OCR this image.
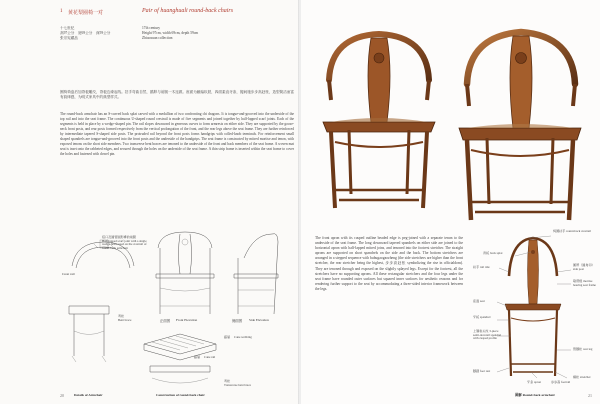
1 黄花梨圈椅一对	Pair of huanghuali round-back chairs
十七世纪
高97公分　宽69公分　深59公分
张宗宪藏品
17th century
Height 97cm, width 69cm, depth 59cm
Zhiaoxuan collection
圈椅椅盘后加背板雕纹，背板边缘起线。扶手弯曲自然，鹅脖与前腿一木连做。座面为藤编软屉，四面素直牙条，腿间施步步高赶枨，造型简洁而富有韵律感，为明式家具中的典型样式。
The round-back armchair has an S-curved back splat carved with a medallion of two confronting chi dragons. It is tongue-and-grooved into the underside of the top rail and into the seat frame. The continuous U-shaped round crestrail is made of five segments and joined together by half-lapped scarf joints. Each of the segments is held in place by a wedge-shaped pin. The rail slopes downward in generous curves to form armrests on either side. They are supported by the goose-neck front posts, and rear posts formed respectively from the vertical prolongation of the front, and the rear legs above the seat frame. They are further reinforced by intermediate tapered S-shaped side posts. The protruded rail beyond the front posts forms handgrips with colled-knob terminals. For reinforcement small shaped spandrels are tongue-and-grooved into the front posts and the underside of the handgrips. The seat frame is constructed by mitred mortise and tenon, with exposed tenons on the short side members. Two transverse bent braces are tenoned to the underside of the front and back members of the seat frame. A woven mat seat is inset onto the rabbeted edges, and secured through the holes on the underside of the seat frame. A thin strip frame is inserted within the seat frame to cover the holes and fastened with dowel pin.
Crest rail
搭口及圆管圆形榫的前腿
Half-lapped scarf joint with a single wedge brace used on the crestrail of round-back armchair
弯枨
Bent brace	正面图 Front Elevation	侧面图 Side Elevation
藤屉 Cane webbing
藤屉 Cane rail
弯枨
Transverse bent brace
Details of Armchair	Construction of round-back chair
20
The front apron with its cusped outline beaded edge is peg-joined with a separate tenon to the underside of the seat frame. The long downward tapered spandrels on either side are joined to the horizontal apron with half-lapped mitred joins, and tenoned into the footrest stretcher. The straight aprons are supported on short spandrels on the side and the back. The bottom stretchers are arranged in a stepped sequence with bubugaogaozheng (the side stretchers are higher than the front stretcher, the rear stretcher being the highest, 步步高赶枨 symbolizing the rise in officialdom). They are tenoned through and exposed on the slightly splayed legs. Except for the footrest, all the stretchers have no supporting aprons. All these rectangular stretchers and the four legs under the seat frame have rounded outer surfaces but squared inner surfaces for aesthetic reasons and for rendering further support to the seat by accommodating a three-sided interior framework between the legs.
椅圈扶手 round-back crestrail
背板 back splat
扶手 rail ride	鹅脖（圆角卯） side post
联帮棍 mortise bearing seat frame
座面 seat
牙板 spandrel
上翘卷头纹 3-piece semi-dovetail spandrel with cusped profile
脚踏 foot rest
牙条 apron
管脚枨 rear leg
步步高 footrail
横枨 stretcher
图解 Round-back armchair	21
